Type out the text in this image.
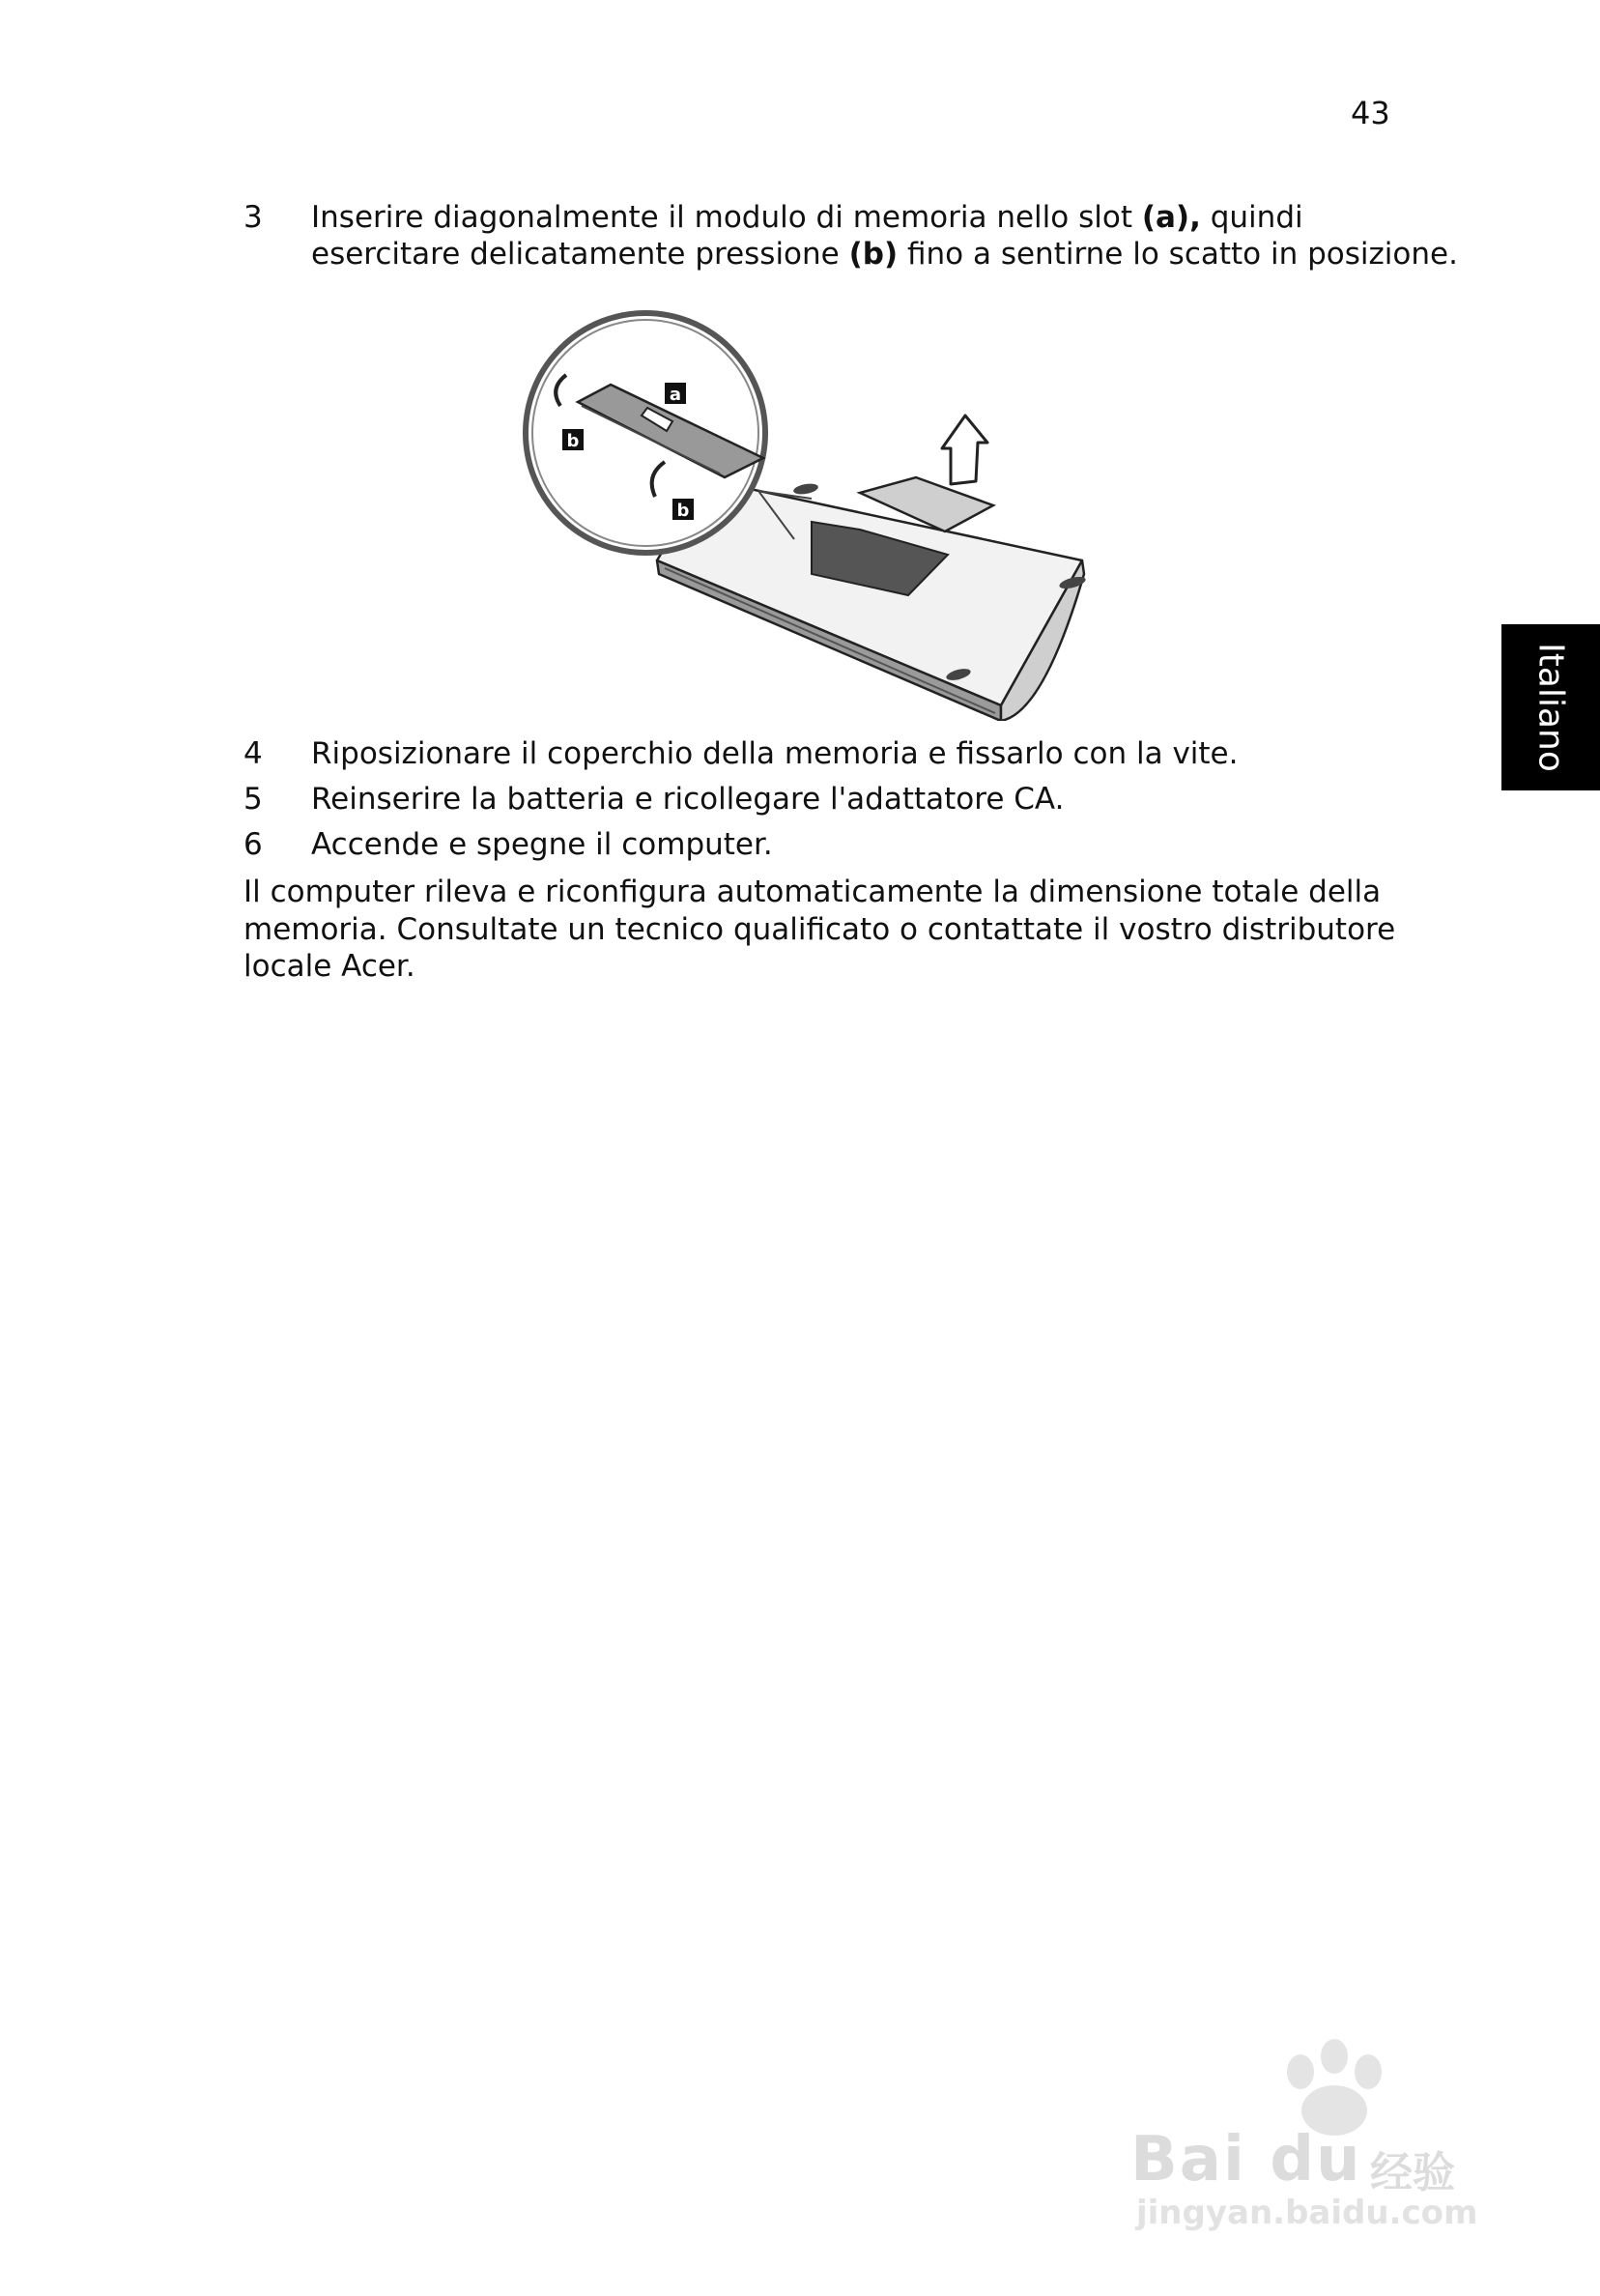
43
3	Inserire diagonalmente il modulo di memoria nello slot (a), quindi
esercitare delicatamente pressione (b) fino a sentirne lo scatto in posizione.
a
b
b
4	Riposizionare il coperchio della memoria e fissarlo con la vite.
5	Reinserire la batteria e ricollegare l'adattatore CA.
6	Accende e spegne il computer.
Il computer rileva e riconfigura automaticamente la dimensione totale della
memoria. Consultate un tecnico qualificato o contattate il vostro distributore
locale Acer.
Italiano
Bai du 经验
jingyan.baidu.com
